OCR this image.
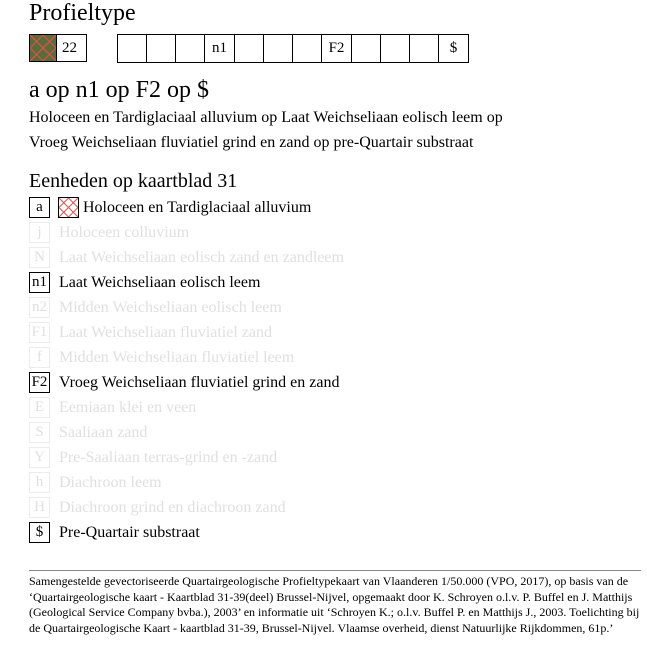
Profieltype
22	n1	F2	$
a op n1 op F2 op $
Holoceen en Tardiglaciaal alluvium op Laat Weichseliaan eolisch leem op
Vroeg Weichseliaan fluviatiel grind en zand op pre-Quartair substraat
Eenheden op kaartblad 31
a	Holoceen en Tardiglaciaal alluvium
j	Holoceen colluvium
N Laat Weichseliaan eolisch zand en zandleem
n1 Laat Weichseliaan eolisch leem
n2 Midden Weichseliaan eolisch leem
F1 Laat Weichseliaan fluviatiel zand
f	Midden Weichseliaan fluviatiel leem
F2 Vroeg Weichseliaan fluviatiel grind en zand
E Eemiaan klei en veen
S Saaliaan zand
Y Pre-Saaliaan terras-grind en -zand
h Diachroon leem
H Diachroon grind en diachroon zand
$ Pre-Quartair substraat
Samengestelde gevectoriseerde Quartairgeologische Profieltypekaart van Vlaanderen 1/50.000 (VPO, 2017), op basis van de ‘Quartairgeologische kaart - Kaartblad 31-39(deel) Brussel-Nijvel, opgemaakt door K. Schroyen o.l.v. P. Buffel en J. Matthijs (Geological Service Company bvba.), 2003’ en informatie uit ‘Schroyen K.; o.l.v. Buffel P. en Matthijs J., 2003. Toelichting bij de Quartairgeologische Kaart - kaartblad 31-39, Brussel-Nijvel. Vlaamse overheid, dienst Natuurlijke Rijkdommen, 61p.’
